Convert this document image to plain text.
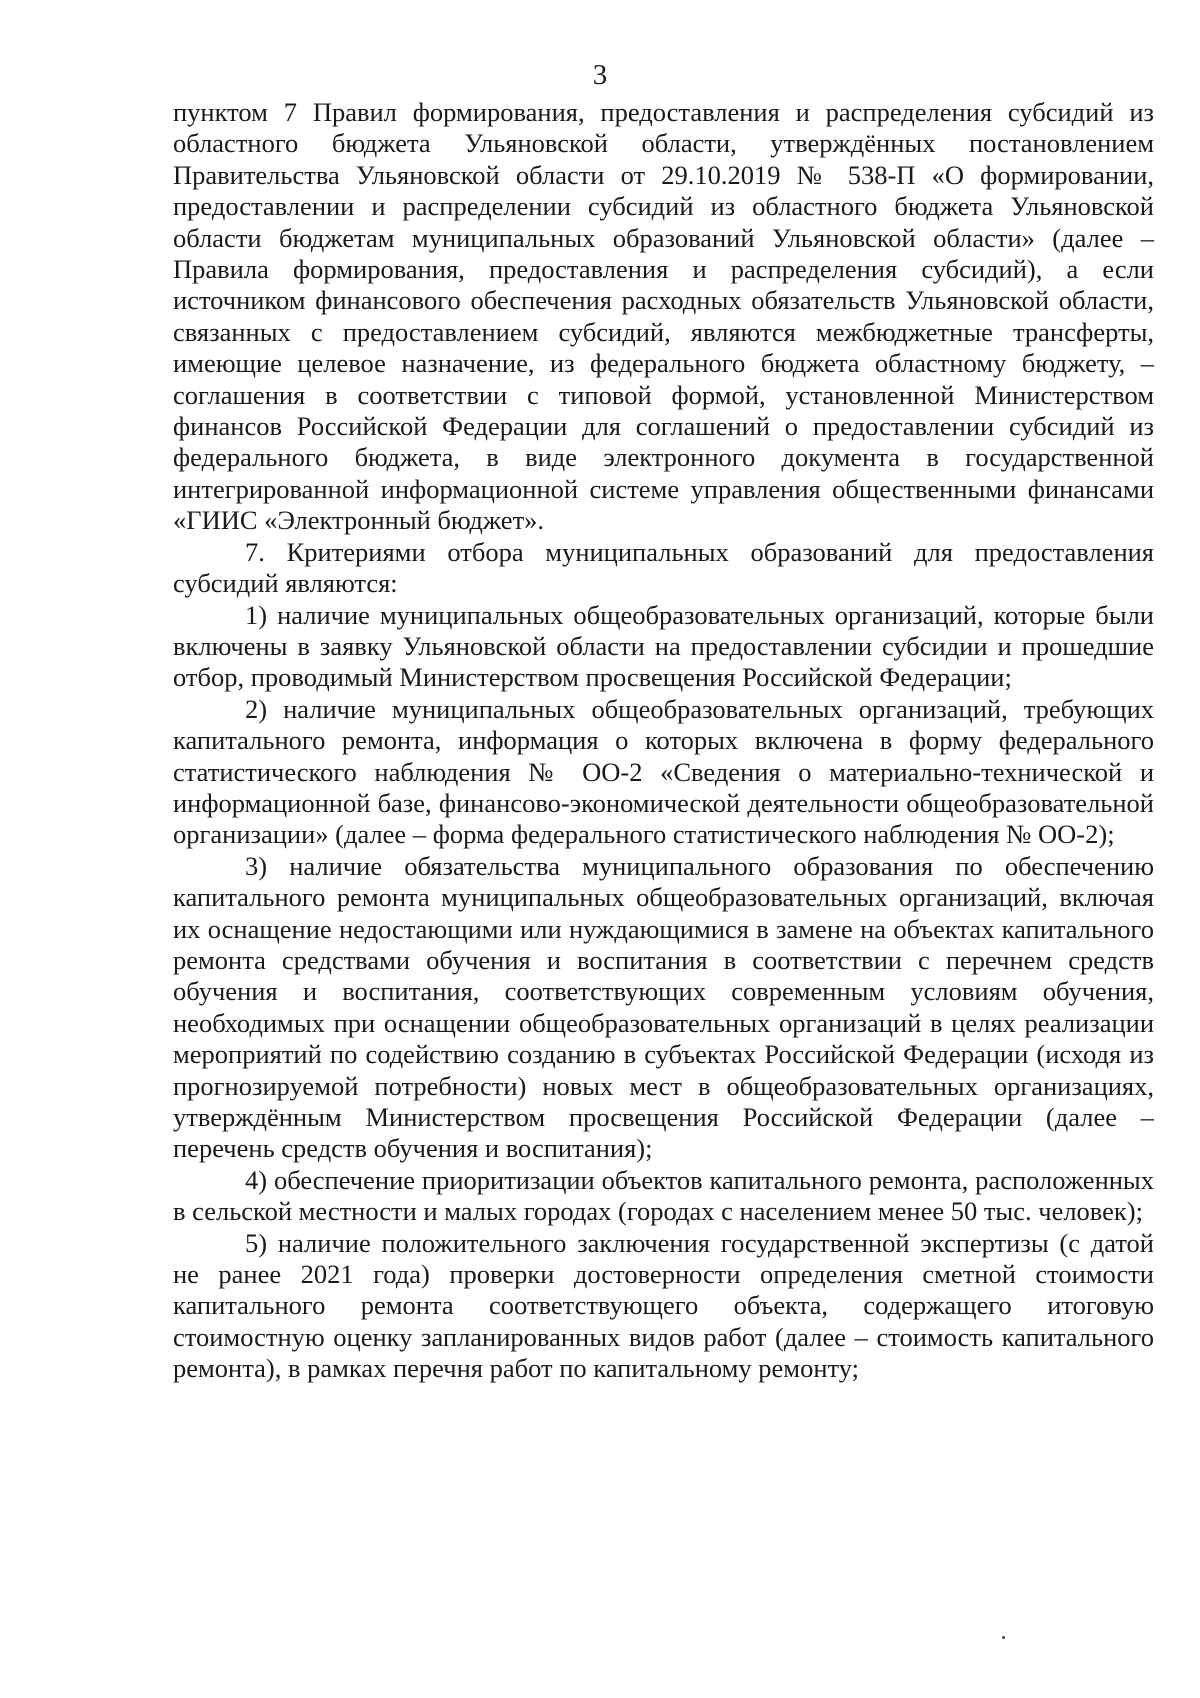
3

пунктом 7 Правил формирования, предоставления и распределения субсидий из областного бюджета Ульяновской области, утверждённых постановлением Правительства Ульяновской области от 29.10.2019 № 538-П «О формировании, предоставлении и распределении субсидий из областного бюджета Ульяновской области бюджетам муниципальных образований Ульяновской области» (далее – Правила формирования, предоставления и распределения субсидий), а если источником финансового обеспечения расходных обязательств Ульяновской области, связанных с предоставлением субсидий, являются межбюджетные трансферты, имеющие целевое назначение, из федерального бюджета областному бюджету, – соглашения в соответствии с типовой формой, установленной Министерством финансов Российской Федерации для соглашений о предоставлении субсидий из федерального бюджета, в виде электронного документа в государственной интегрированной информационной системе управления общественными финансами «ГИИС «Электронный бюджет».

7. Критериями отбора муниципальных образований для предоставления субсидий являются:

1) наличие муниципальных общеобразовательных организаций, которые были включены в заявку Ульяновской области на предоставлении субсидии и прошедшие отбор, проводимый Министерством просвещения Российской Федерации;

2) наличие муниципальных общеобразовательных организаций, требующих капитального ремонта, информация о которых включена в форму федерального статистического наблюдения № ОО-2 «Сведения о материально-технической и информационной базе, финансово-экономической деятельности общеобразовательной организации» (далее – форма федерального статистического наблюдения № ОО-2);

3) наличие обязательства муниципального образования по обеспечению капитального ремонта муниципальных общеобразовательных организаций, включая их оснащение недостающими или нуждающимися в замене на объектах капитального ремонта средствами обучения и воспитания в соответствии с перечнем средств обучения и воспитания, соответствующих современным условиям обучения, необходимых при оснащении общеобразовательных организаций в целях реализации мероприятий по содействию созданию в субъектах Российской Федерации (исходя из прогнозируемой потребности) новых мест в общеобразовательных организациях, утверждённым Министерством просвещения Российской Федерации (далее – перечень средств обучения и воспитания);

4) обеспечение приоритизации объектов капитального ремонта, расположенных в сельской местности и малых городах (городах с населением менее 50 тыс. человек);

5) наличие положительного заключения государственной экспертизы (с датой не ранее 2021 года) проверки достоверности определения сметной стоимости капитального ремонта соответствующего объекта, содержащего итоговую стоимостную оценку запланированных видов работ (далее – стоимость капитального ремонта), в рамках перечня работ по капитальному ремонту;
